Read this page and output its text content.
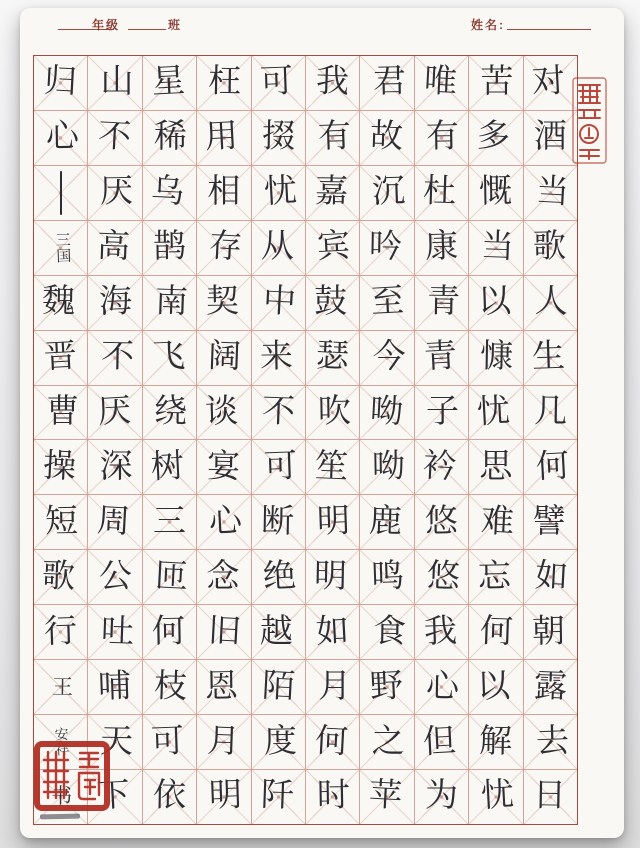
年级	班	姓名:
对
酒
当
歌
人
生
几
何
譬
如
朝
露
去
日
苦
多
慨
当
以
慷
忧
思
难
忘
何
以
解
忧
唯
有
杜
康
青
青
子
衿
悠
悠
我
心
但
为
君
故
沉
吟
至
今
呦
呦
鹿
鸣
食
野
之
苹
我
有
嘉
宾
鼓
瑟
吹
笙
明
明
如
月
何
时
可
掇
忧
从
中
来
不
可
断
绝
越
陌
度
阡
枉
用
相
存
契
阔
谈
宴
心
念
旧
恩
月
明
星
稀
乌
鹊
南
飞
绕
树
三
匝
何
枝
可
依
山
不
厌
高
海
不
厌
深
周
公
吐
哺
天
下
归
心
三国
魏
晋
曹
操
短
歌
行
王
安祥
书
